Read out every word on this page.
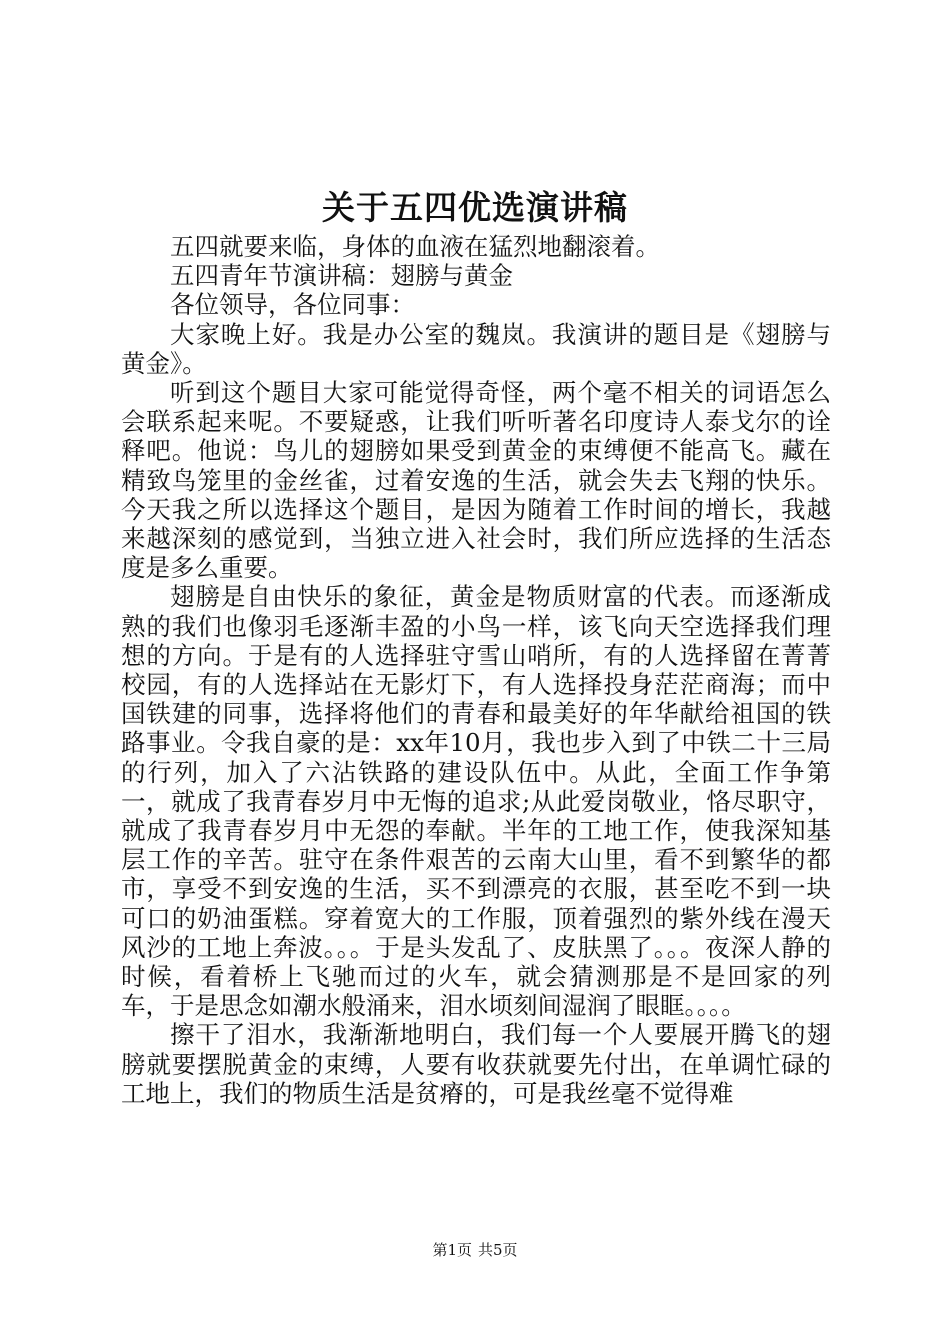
关于五四优选演讲稿

五四就要来临，身体的血液在猛烈地翻滚着。

五四青年节演讲稿：翅膀与黄金

各位领导，各位同事：

大家晚上好。我是办公室的魏岚。我演讲的题目是《翅膀与黄金》。

听到这个题目大家可能觉得奇怪，两个毫不相关的词语怎么会联系起来呢。不要疑惑，让我们听听著名印度诗人泰戈尔的诠释吧。他说：鸟儿的翅膀如果受到黄金的束缚便不能高飞。藏在精致鸟笼里的金丝雀，过着安逸的生活，就会失去飞翔的快乐。今天我之所以选择这个题目，是因为随着工作时间的增长，我越来越深刻的感觉到，当独立进入社会时，我们所应选择的生活态度是多么重要。

翅膀是自由快乐的象征，黄金是物质财富的代表。而逐渐成熟的我们也像羽毛逐渐丰盈的小鸟一样，该飞向天空选择我们理想的方向。于是有的人选择驻守雪山哨所，有的人选择留在菁菁校园，有的人选择站在无影灯下，有人选择投身茫茫商海；而中国铁建的同事，选择将他们的青春和最美好的年华献给祖国的铁路事业。令我自豪的是：xx年10月，我也步入到了中铁二十三局的行列，加入了六沾铁路的建设队伍中。从此，全面工作争第一，就成了我青春岁月中无悔的追求;从此爱岗敬业，恪尽职守，就成了我青春岁月中无怨的奉献。半年的工地工作，使我深知基层工作的辛苦。驻守在条件艰苦的云南大山里，看不到繁华的都市，享受不到安逸的生活，买不到漂亮的衣服，甚至吃不到一块可口的奶油蛋糕。穿着宽大的工作服，顶着强烈的紫外线在漫天风沙的工地上奔波。。。于是头发乱了、皮肤黑了。。。夜深人静的时候，看着桥上飞驰而过的火车，就会猜测那是不是回家的列车，于是思念如潮水般涌来，泪水顷刻间湿润了眼眶。。。。

擦干了泪水，我渐渐地明白，我们每一个人要展开腾飞的翅膀就要摆脱黄金的束缚，人要有收获就要先付出，在单调忙碌的工地上，我们的物质生活是贫瘠的，可是我丝毫不觉得难

第1页 共5页
